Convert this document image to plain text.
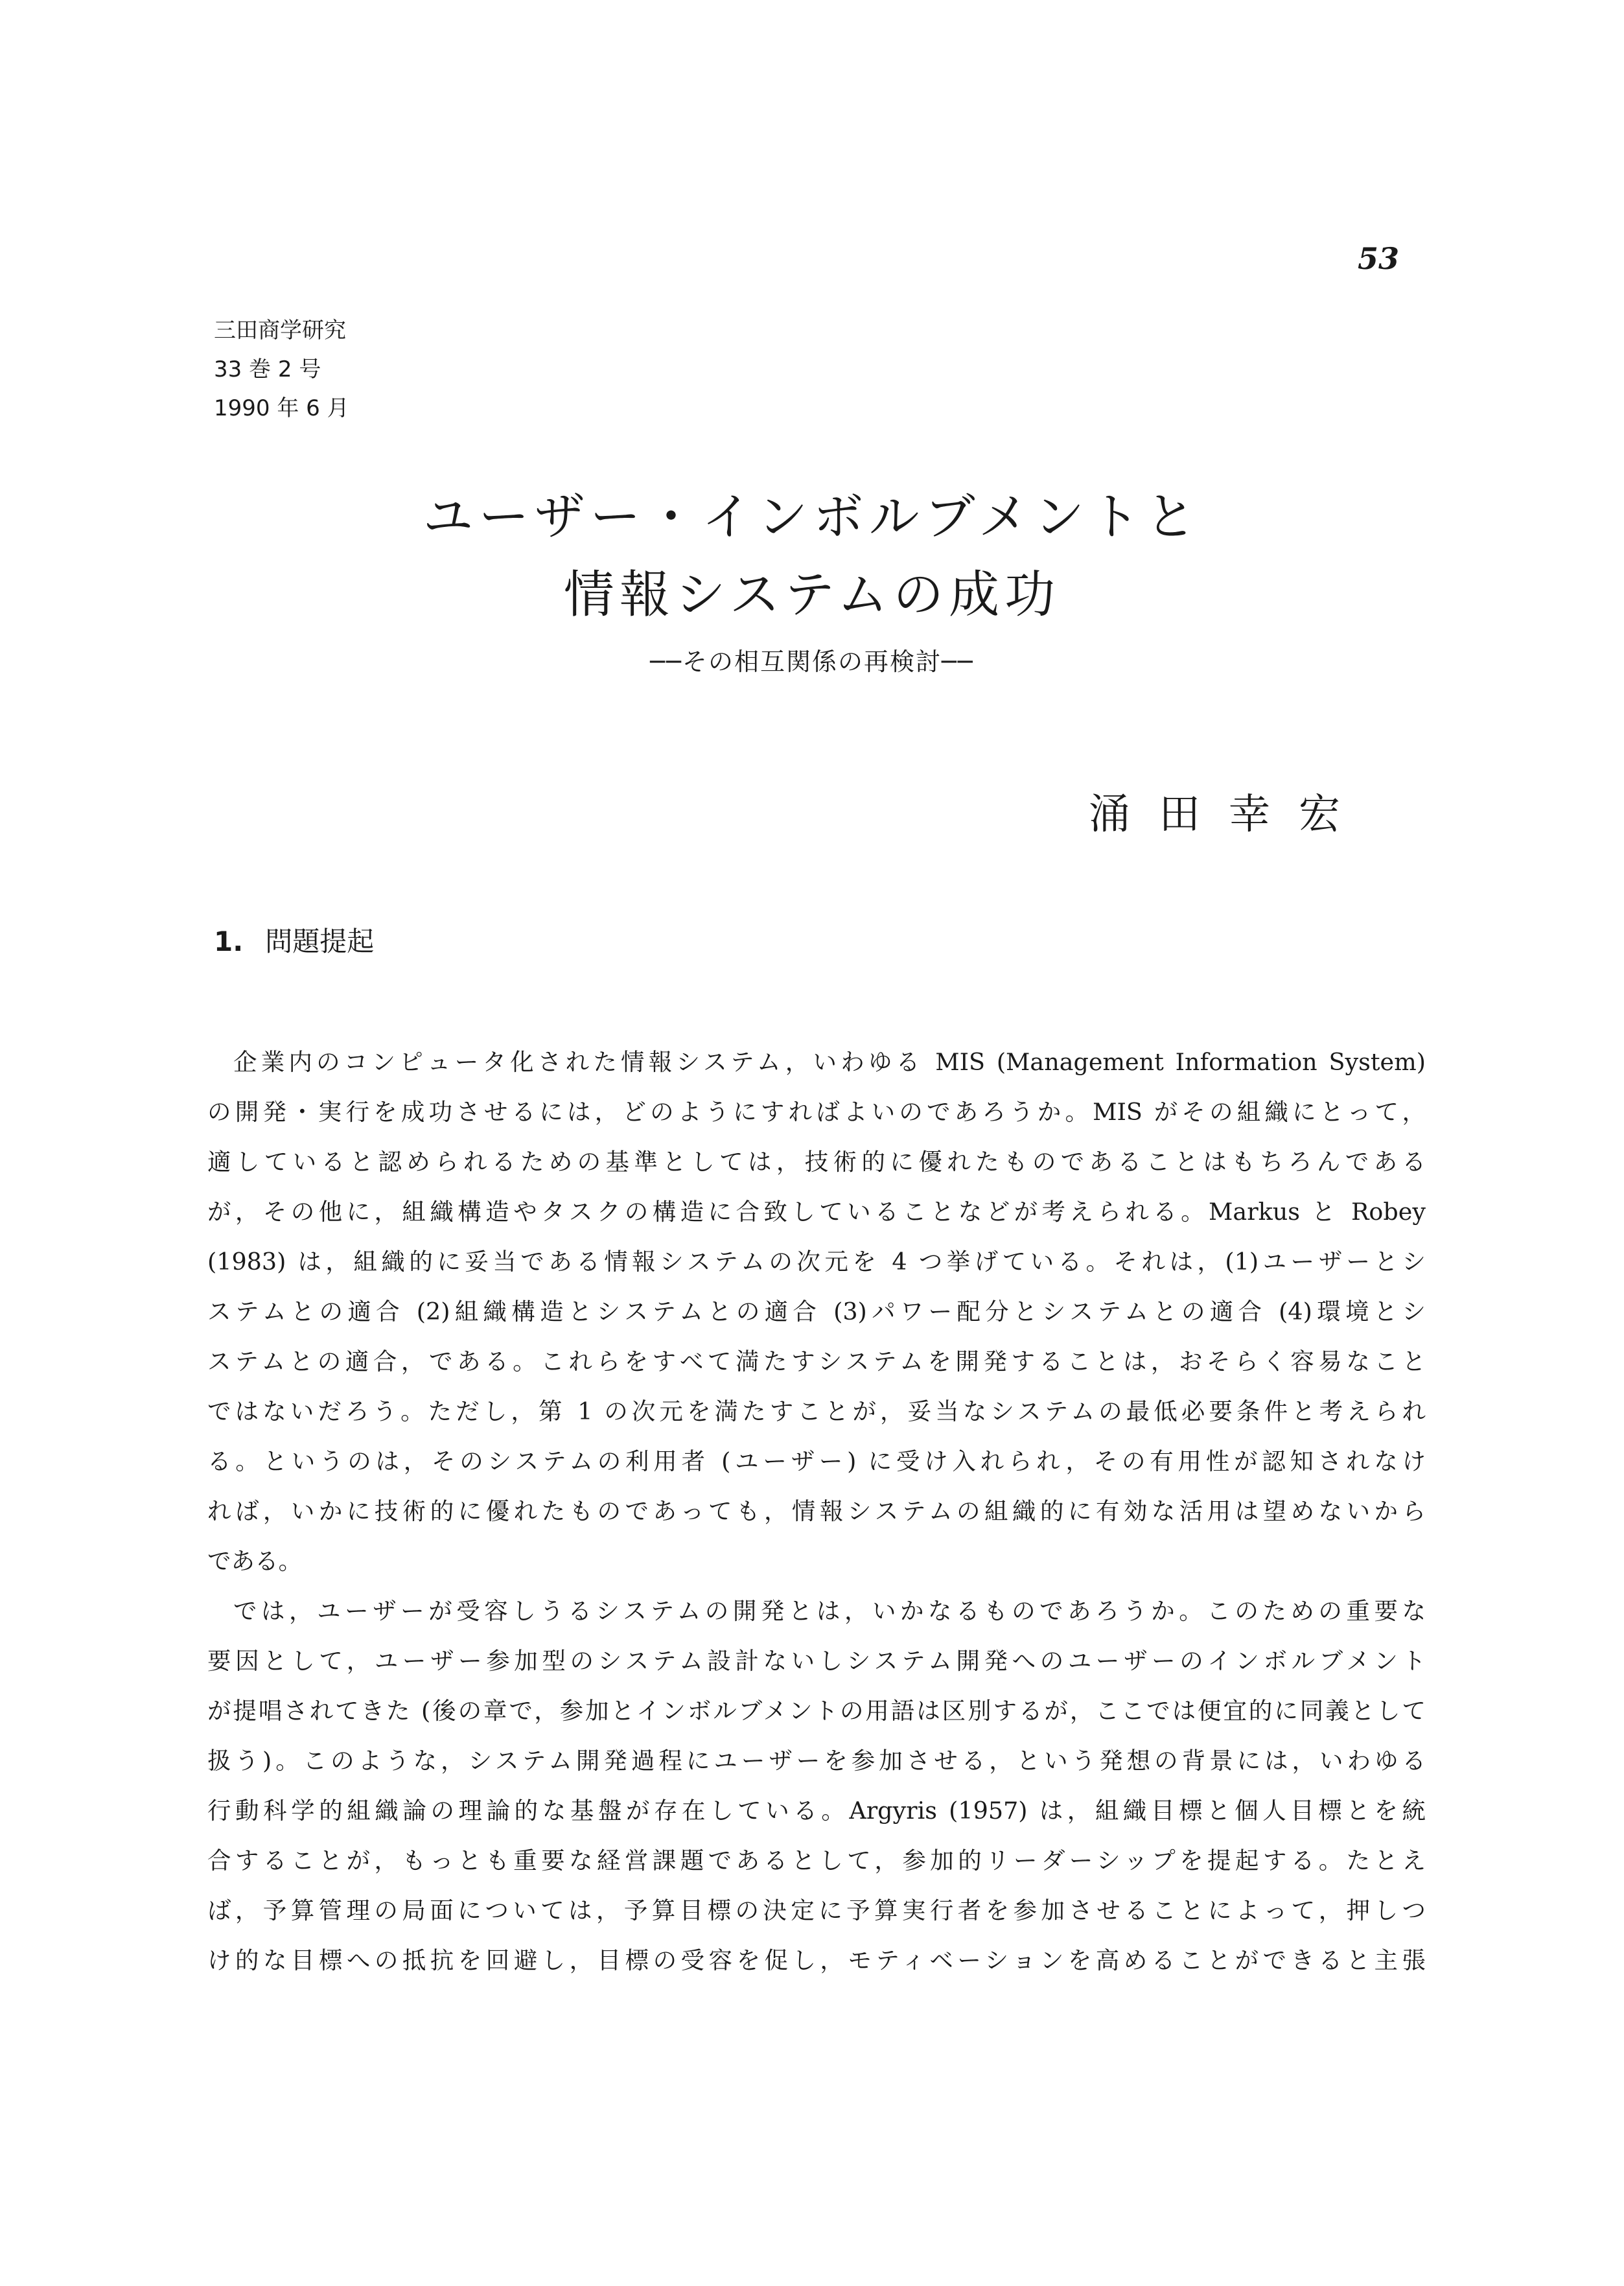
53
三田商学研究
33 巻 2 号
1990 年 6 月
ユーザー・インボルブメントと
情報システムの成功
──その相互関係の再検討──
涌田幸宏
1. 問題提起
企業内のコンピュータ化された情報システム，いわゆる MIS (Management Information System)
の開発・実行を成功させるには，どのようにすればよいのであろうか。MIS がその組織にとって，
適していると認められるための基準としては，技術的に優れたものであることはもちろんである
が，その他に，組織構造やタスクの構造に合致していることなどが考えられる。Markus と Robey
(1983) は，組織的に妥当である情報システムの次元を 4 つ挙げている。それは，(1)ユーザーとシ
ステムとの適合 (2)組織構造とシステムとの適合 (3)パワー配分とシステムとの適合 (4)環境とシ
ステムとの適合，である。これらをすべて満たすシステムを開発することは，おそらく容易なこと
ではないだろう。ただし，第 1 の次元を満たすことが，妥当なシステムの最低必要条件と考えられ
る。というのは，そのシステムの利用者 (ユーザー) に受け入れられ，その有用性が認知されなけ
れば，いかに技術的に優れたものであっても，情報システムの組織的に有効な活用は望めないから
である。
では，ユーザーが受容しうるシステムの開発とは，いかなるものであろうか。このための重要な
要因として，ユーザー参加型のシステム設計ないしシステム開発へのユーザーのインボルブメント
が提唱されてきた (後の章で，参加とインボルブメントの用語は区別するが，ここでは便宜的に同義として
扱う)。このような，システム開発過程にユーザーを参加させる，という発想の背景には，いわゆる
行動科学的組織論の理論的な基盤が存在している。Argyris (1957) は，組織目標と個人目標とを統
合することが，もっとも重要な経営課題であるとして，参加的リーダーシップを提起する。たとえ
ば，予算管理の局面については，予算目標の決定に予算実行者を参加させることによって，押しつ
け的な目標への抵抗を回避し，目標の受容を促し，モティベーションを高めることができると主張
